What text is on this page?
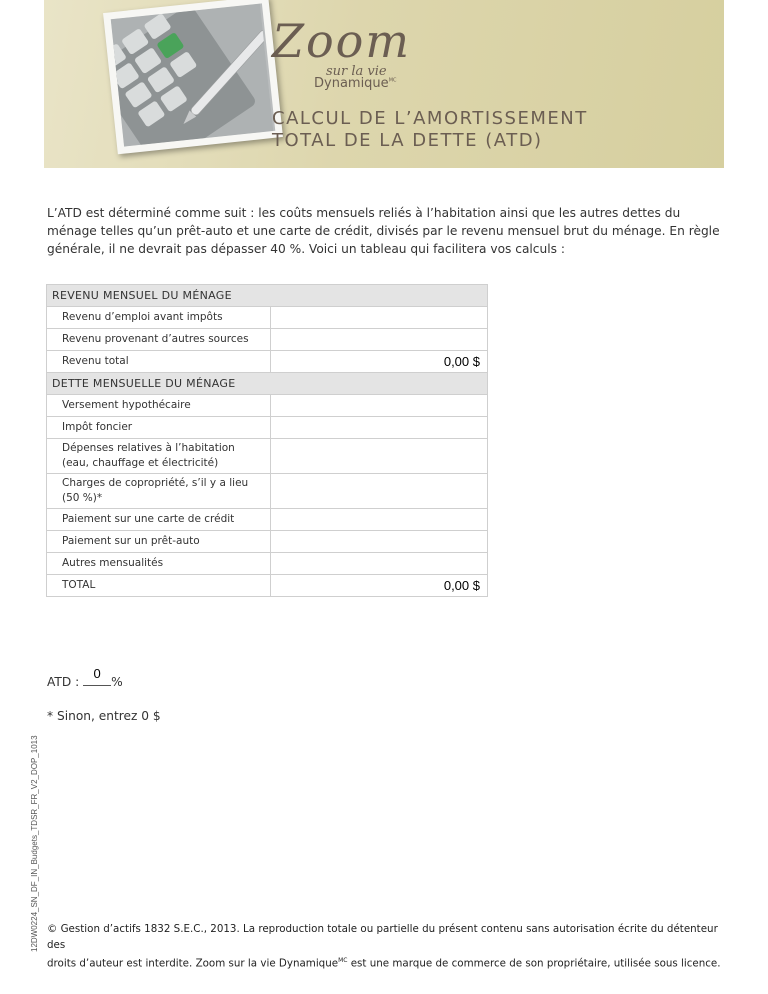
Zoom
sur la vie
Dynamique$^{MC}$
CALCUL DE L’AMORTISSEMENT
TOTAL DE LA DETTE (ATD)

L’ATD est déterminé comme suit : les coûts mensuels reliés à l’habitation ainsi que les autres dettes du ménage telles qu’un prêt-auto et une carte de crédit, divisés par le revenu mensuel brut du ménage. En règle générale, il ne devrait pas dépasser 40 %. Voici un tableau qui facilitera vos calculs :

REVENU MENSUEL DU MÉNAGE	
Revenu d’emploi avant impôts	
Revenu provenant d’autres sources	
Revenu total	0,00 $
DETTE MENSUELLE DU MÉNAGE	
Versement hypothécaire	
Impôt foncier	
Dépenses relatives à l’habitation
(eau, chauffage et électricité)	
Charges de copropriété, s’il y a lieu
(50 %)*	
Paiement sur une carte de crédit	
Paiement sur un prêt-auto	
Autres mensualités	
TOTAL	0,00 $
ATD :
0
%
* Sinon, entrez 0 $
12DW0224_SN_DF_IN_Budgets_TDSR_FR_V2_DOP_1013 © Gestion d’actifs 1832 S.E.C., 2013. La reproduction totale ou partielle du présent contenu sans autorisation écrite du détenteur des
droits d’auteur est interdite. Zoom sur la vie Dynamique$^{MC}$ est une marque de commerce de son propriétaire, utilisée sous licence.
